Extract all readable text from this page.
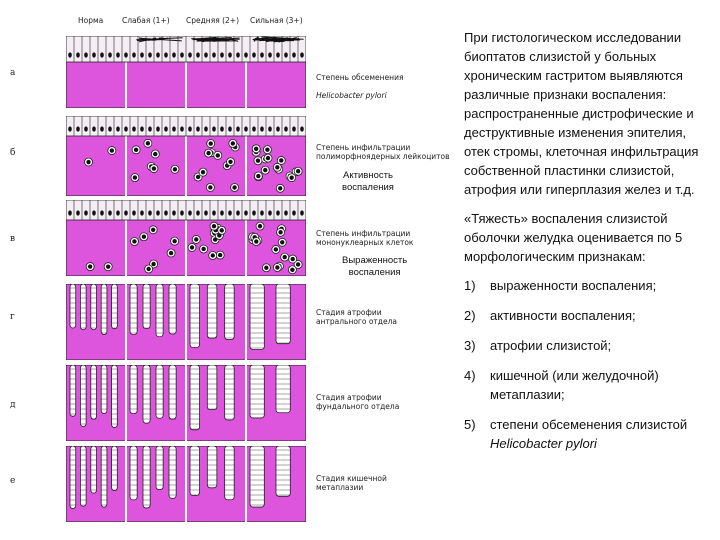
Норма	Слабая (1+) Средняя (2+) Сильная (3+)
а
б
в
г
д
е

Степень обсеменения

Helicobacter pylori

Степень инфильтрации
полиморфноядерных лейкоцитов
Степень инфильтрации
мононуклеарных клеток
Стадия атрофии
антрального отдела
Стадия атрофии
фундального отдела
Стадия кишечной
метаплазии
Активность
воспаления
Выраженность
воспаления

При гистологическом исследовании биоптатов слизистой у больных хроническим гастритом выявляются различные признаки воспаления: распространенные дистрофические и деструктивные изменения эпителия, отек стромы, клеточная инфильтрация собственной пластинки слизистой, атрофия или гиперплазия желез и т.д.

«Тяжесть» воспаления слизистой оболочки желудка оценивается по 5 морфологическим признакам:

1)	выраженности воспаления;
2)	активности воспаления;
3)	атрофии слизистой;
4)	кишечной (или желудочной) метаплазии;
5)	степени обсеменения слизистой Helicobacter pylori
